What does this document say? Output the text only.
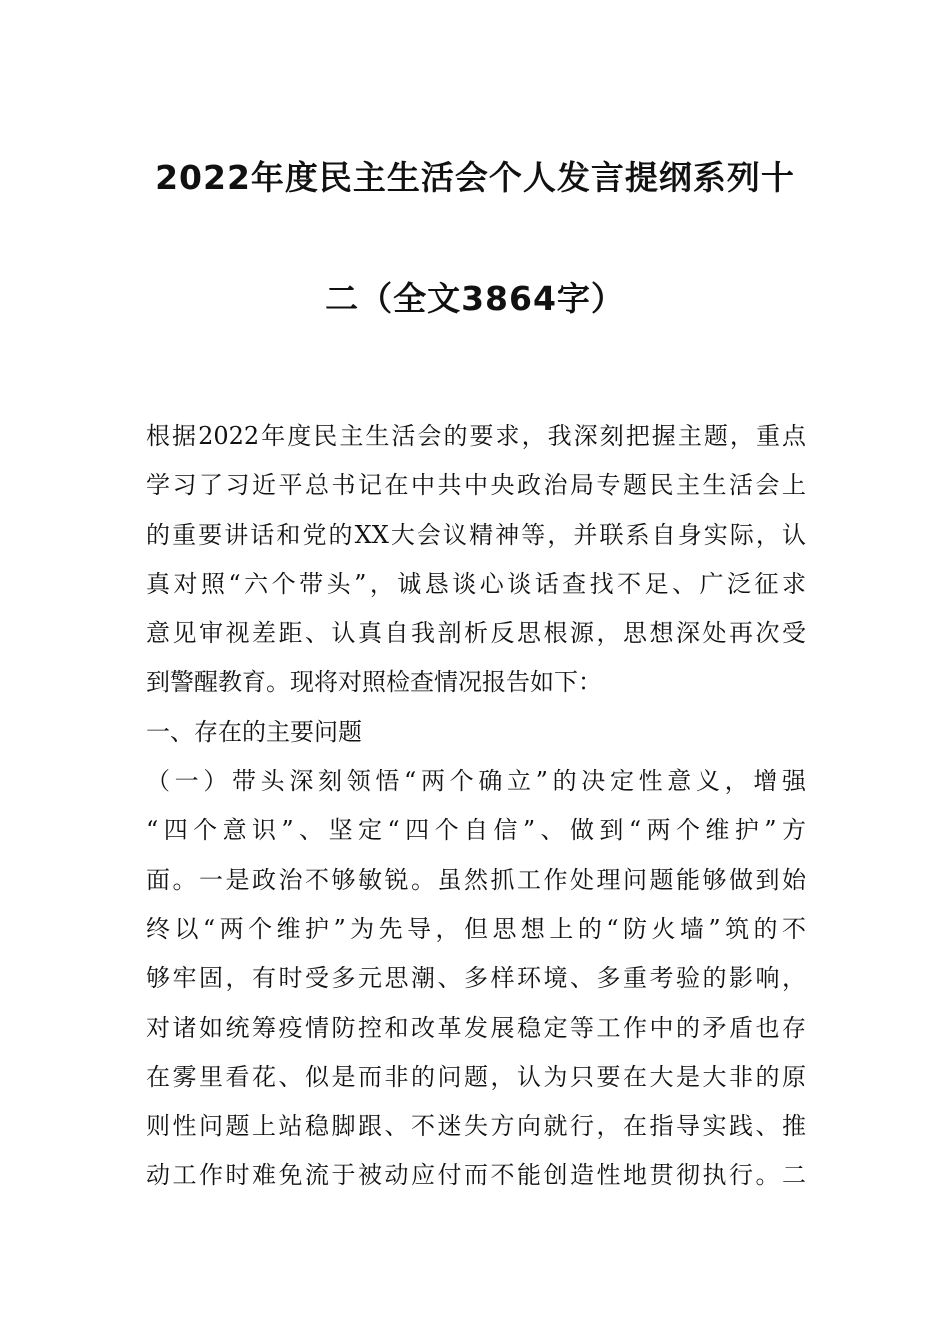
2022年度民主生活会个人发言提纲系列十
二（全文3864字）
根据2022年度民主生活会的要求，我深刻把握主题，重点
学习了习近平总书记在中共中央政治局专题民主生活会上
的重要讲话和党的XX大会议精神等，并联系自身实际，认
真对照“六个带头”，诚恳谈心谈话查找不足、广泛征求
意见审视差距、认真自我剖析反思根源，思想深处再次受
到警醒教育。现将对照检查情况报告如下：
一、存在的主要问题
（一）带头深刻领悟“两个确立”的决定性意义，增强
“四个意识”、坚定“四个自信”、做到“两个维护”方
面。一是政治不够敏锐。虽然抓工作处理问题能够做到始
终以“两个维护”为先导，但思想上的“防火墙”筑的不
够牢固，有时受多元思潮、多样环境、多重考验的影响，
对诸如统筹疫情防控和改革发展稳定等工作中的矛盾也存
在雾里看花、似是而非的问题，认为只要在大是大非的原
则性问题上站稳脚跟、不迷失方向就行，在指导实践、推
动工作时难免流于被动应付而不能创造性地贯彻执行。二
